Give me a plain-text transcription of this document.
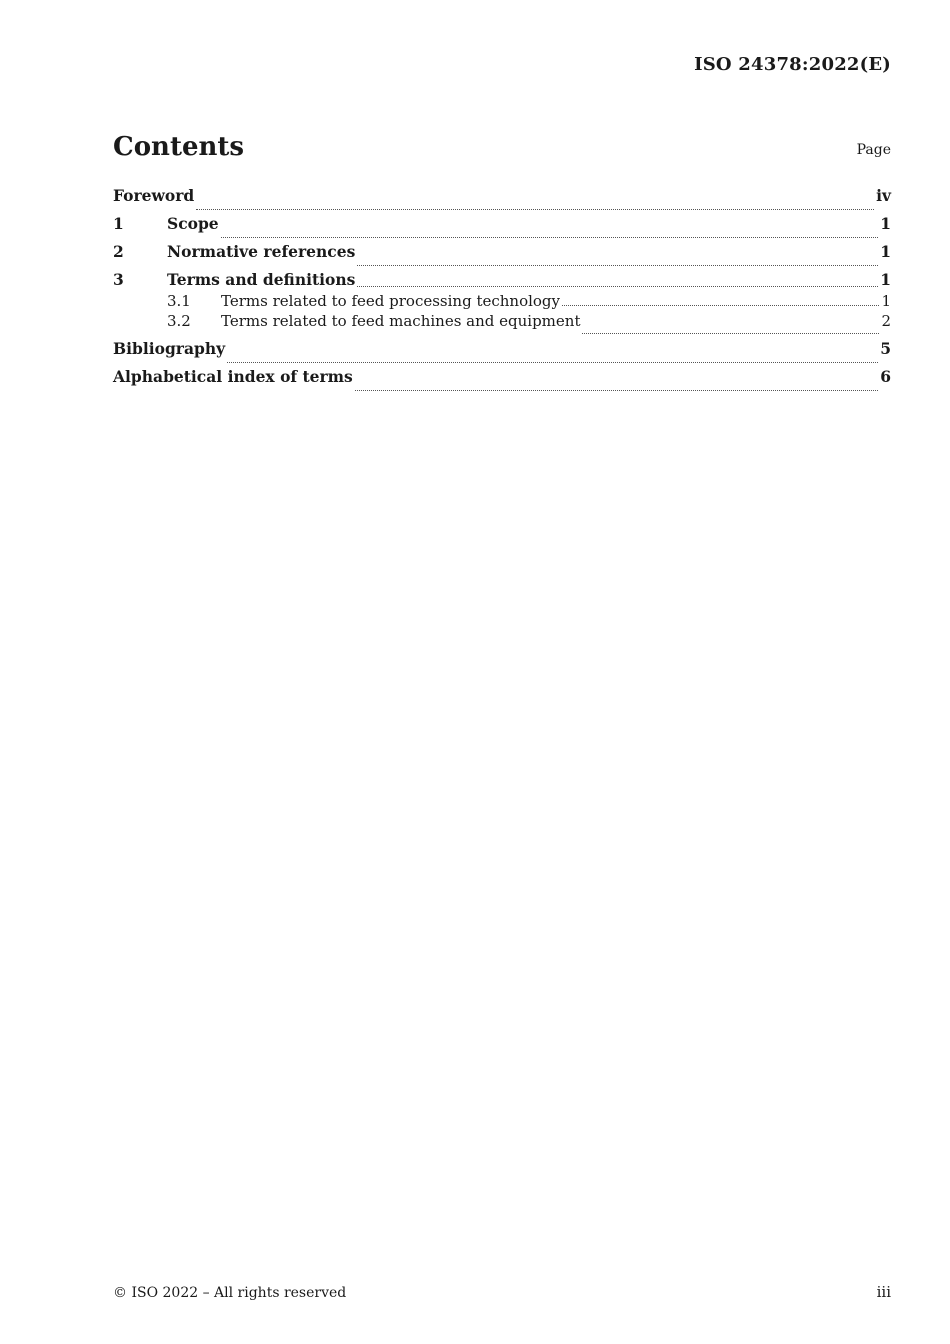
ISO 24378:2022(E)
Contents	Page
Foreword	iv
1	Scope	1
2	Normative references	1
3	Terms and definitions	1
3.1	Terms related to feed processing technology	1
3.2	Terms related to feed machines and equipment	2
Bibliography	5
Alphabetical index of terms	6
© ISO 2022 – All rights reserved	iii
